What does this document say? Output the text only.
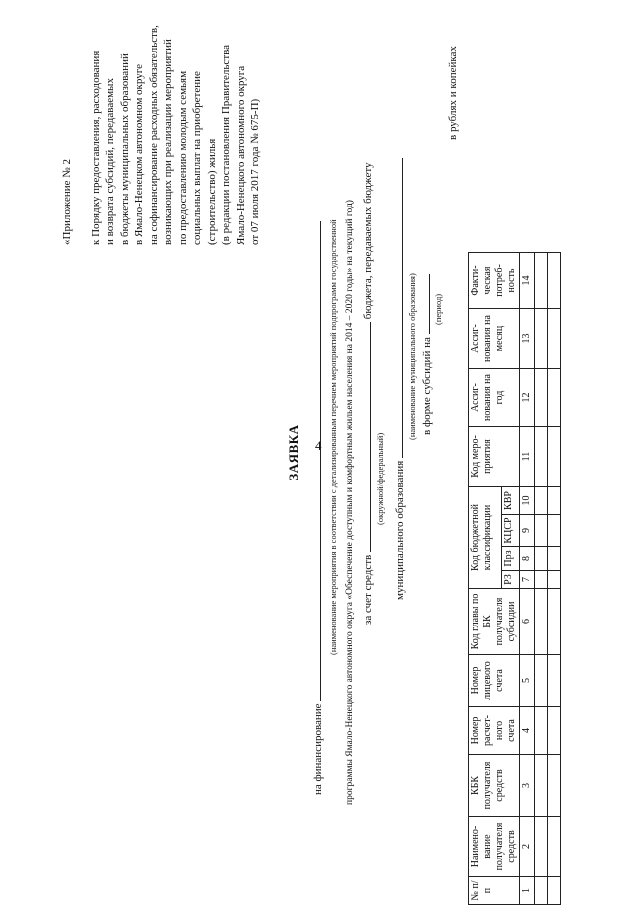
4
«Приложение № 2 к Порядку предоставления, расходования и возврата субсидий, передаваемых в бюджеты муниципальных образований в Ямало-Ненецком автономном округе на софинансирование расходных обязательств, возникающих при реализации мероприятий по предоставлению молодым семьям социальных выплат на приобретение (строительство) жилья (в редакции постановления Правительства Ямало-Ненецкого автономного округа от 07 июля 2017 года № 675-П)
ЗАЯВКА
на финансирование
(наименование мероприятия в соответствии с детализированным перечнем мероприятий подпрограмм государственной программы Ямало-Ненецкого автономного округа «Обеспечение доступным и комфортным жильем населения на 2014 – 2020 годы» на текущий год) за счет средств  бюджета, передаваемых бюджету
(окружной/федеральный) муниципального образования
(наименование муниципального образования) в форме субсидий на
(период)
в рублях и копейках
№ п/п	Наимено-вание получателя средств	КБК получателя средств	Номер расчет-ного счета	Номер лицевого счета	Код главы по БК получателя субсидии	Код бюджетной классификации				Код меро-приятия	Ассиг-нования на год	Ассиг-нования на месяц	Факти-ческая потреб-ность
						РЗ	Прз	КЦСР	КВР				
1	2	3	4	5	6	7	8	9	10	11	12	13	14
